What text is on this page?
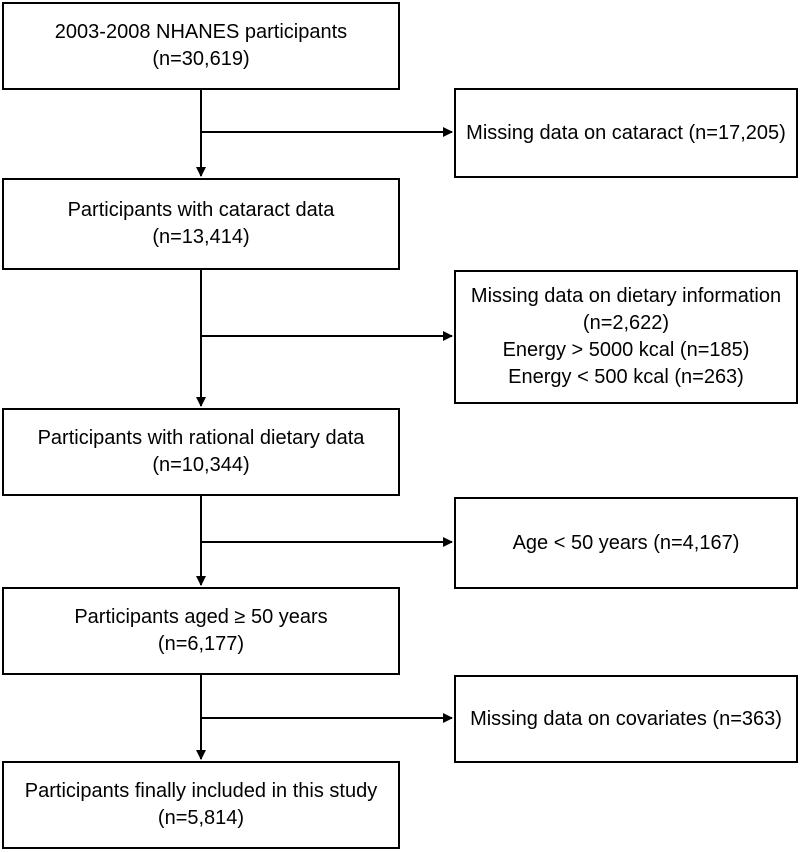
2003-2008 NHANES participants
(n=30,619)
Participants with cataract data
(n=13,414)
Participants with rational dietary data
(n=10,344)
Participants aged ≥ 50 years
(n=6,177)
Participants finally included in this study
(n=5,814)
Missing data on cataract (n=17,205)
Missing data on dietary information
(n=2,622)
Energy > 5000 kcal (n=185)
Energy < 500 kcal (n=263)
Age < 50 years (n=4,167)
Missing data on covariates (n=363)
